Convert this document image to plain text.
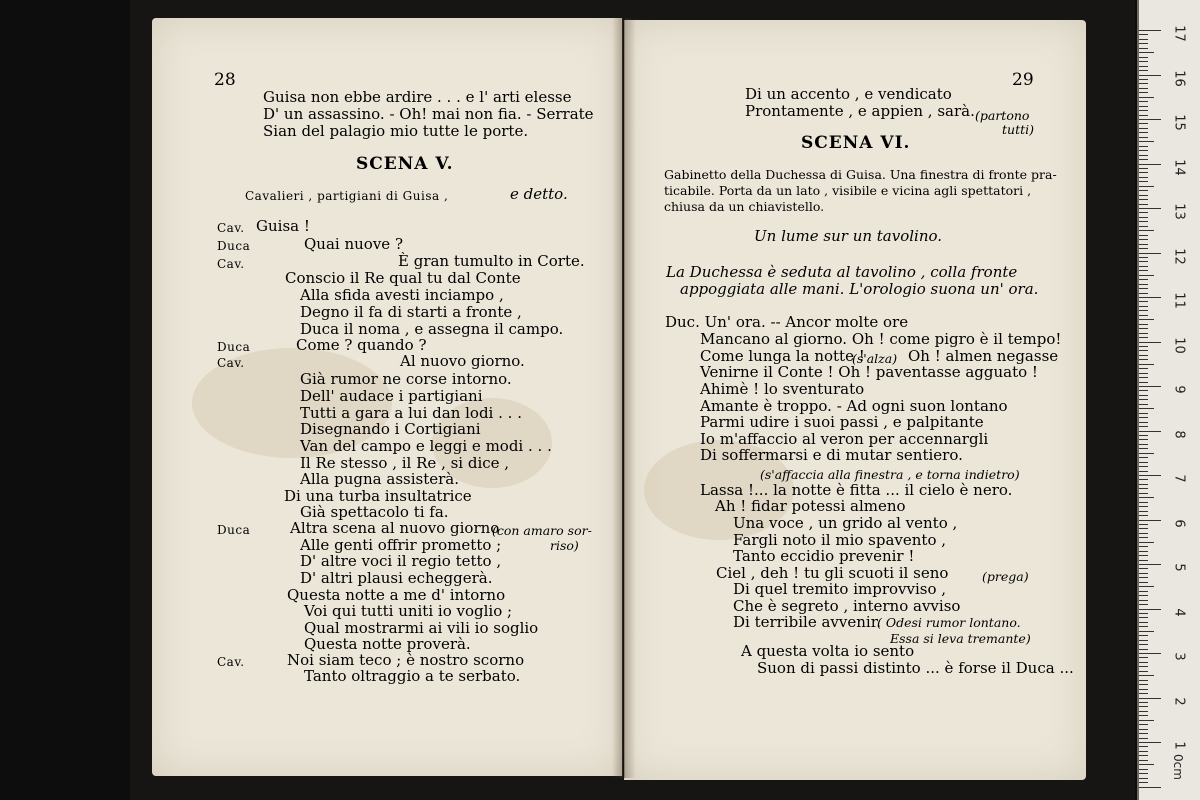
28
Guisa non ebbe ardire . . . e l' arti elesse
D' un assassino. - Oh! mai non fia. - Serrate
Sian del palagio mio tutte le porte.
SCENA V.
Cavalieri , partigiani di Guisa ,	e detto.
Cav. Guisa !
Duca	Quai nuove ?
Cav.	È gran tumulto in Corte.
Conscio il Re qual tu dal Conte
Alla sfida avesti inciampo ,
Degno il fa di starti a fronte ,
Duca il noma , e assegna il campo.
Duca	Come ? quando ?
Cav.	Al nuovo giorno.
Già rumor ne corse intorno.
Dell' audace i partigiani
Tutti a gara a lui dan lodi . . .
Disegnando i Cortigiani
Van del campo e leggi e modi . . .
Il Re stesso , il Re , si dice ,
Alla pugna assisterà.
Di una turba insultatrice
Già spettacolo ti fa.
Duca	Altra scena al nuovo giorno
(con amaro sor-
Alle genti offrir prometto ;	riso)
D' altre voci il regio tetto ,
D' altri plausi echeggerà.
Questa notte a me d' intorno
Voi qui tutti uniti io voglio ;
Qual mostrarmi ai vili io soglio
Questa notte proverà.
Cav.	Noi siam teco ; è nostro scorno
Tanto oltraggio a te serbato.
29
Di un accento , e vendicato
Prontamente , e appien , sarà. (partono
tutti)
SCENA VI.
Gabinetto della Duchessa di Guisa. Una finestra di fronte pra-
ticabile. Porta da un lato , visibile e vicina agli spettatori ,
chiusa da un chiavistello.
Un lume sur un tavolino.
La Duchessa è seduta al tavolino , colla fronte
appoggiata alle mani. L'orologio suona un' ora.
Duc. Un' ora. -- Ancor molte ore
Mancano al giorno. Oh ! come pigro è il tempo!
Come lunga la notte !
(s'alza) Oh ! almen negasse
Venirne il Conte ! Oh ! paventasse agguato !
Ahimè ! lo sventurato
Amante è troppo. - Ad ogni suon lontano
Parmi udire i suoi passi , e palpitante
Io m'affaccio al veron per accennargli
Di soffermarsi e di mutar sentiero.
(s'affaccia alla finestra , e torna indietro)
Lassa !... la notte è fitta ... il cielo è nero.
Ah ! fidar potessi almeno
Una voce , un grido al vento ,
Fargli noto il mio spavento ,
Tanto eccidio prevenir !
Ciel , deh ! tu gli scuoti il seno	(prega)
Di quel tremito improvviso ,
Che è segreto , interno avviso
Di terribile avvenir.
( Odesi rumor lontano.
Essa si leva tremante)
A questa volta io sento
Suon di passi distinto ... è forse il Duca ...
0cm
17
16
15
14
13
12
11
10
9
8
7
6
5
4
3
2
1
